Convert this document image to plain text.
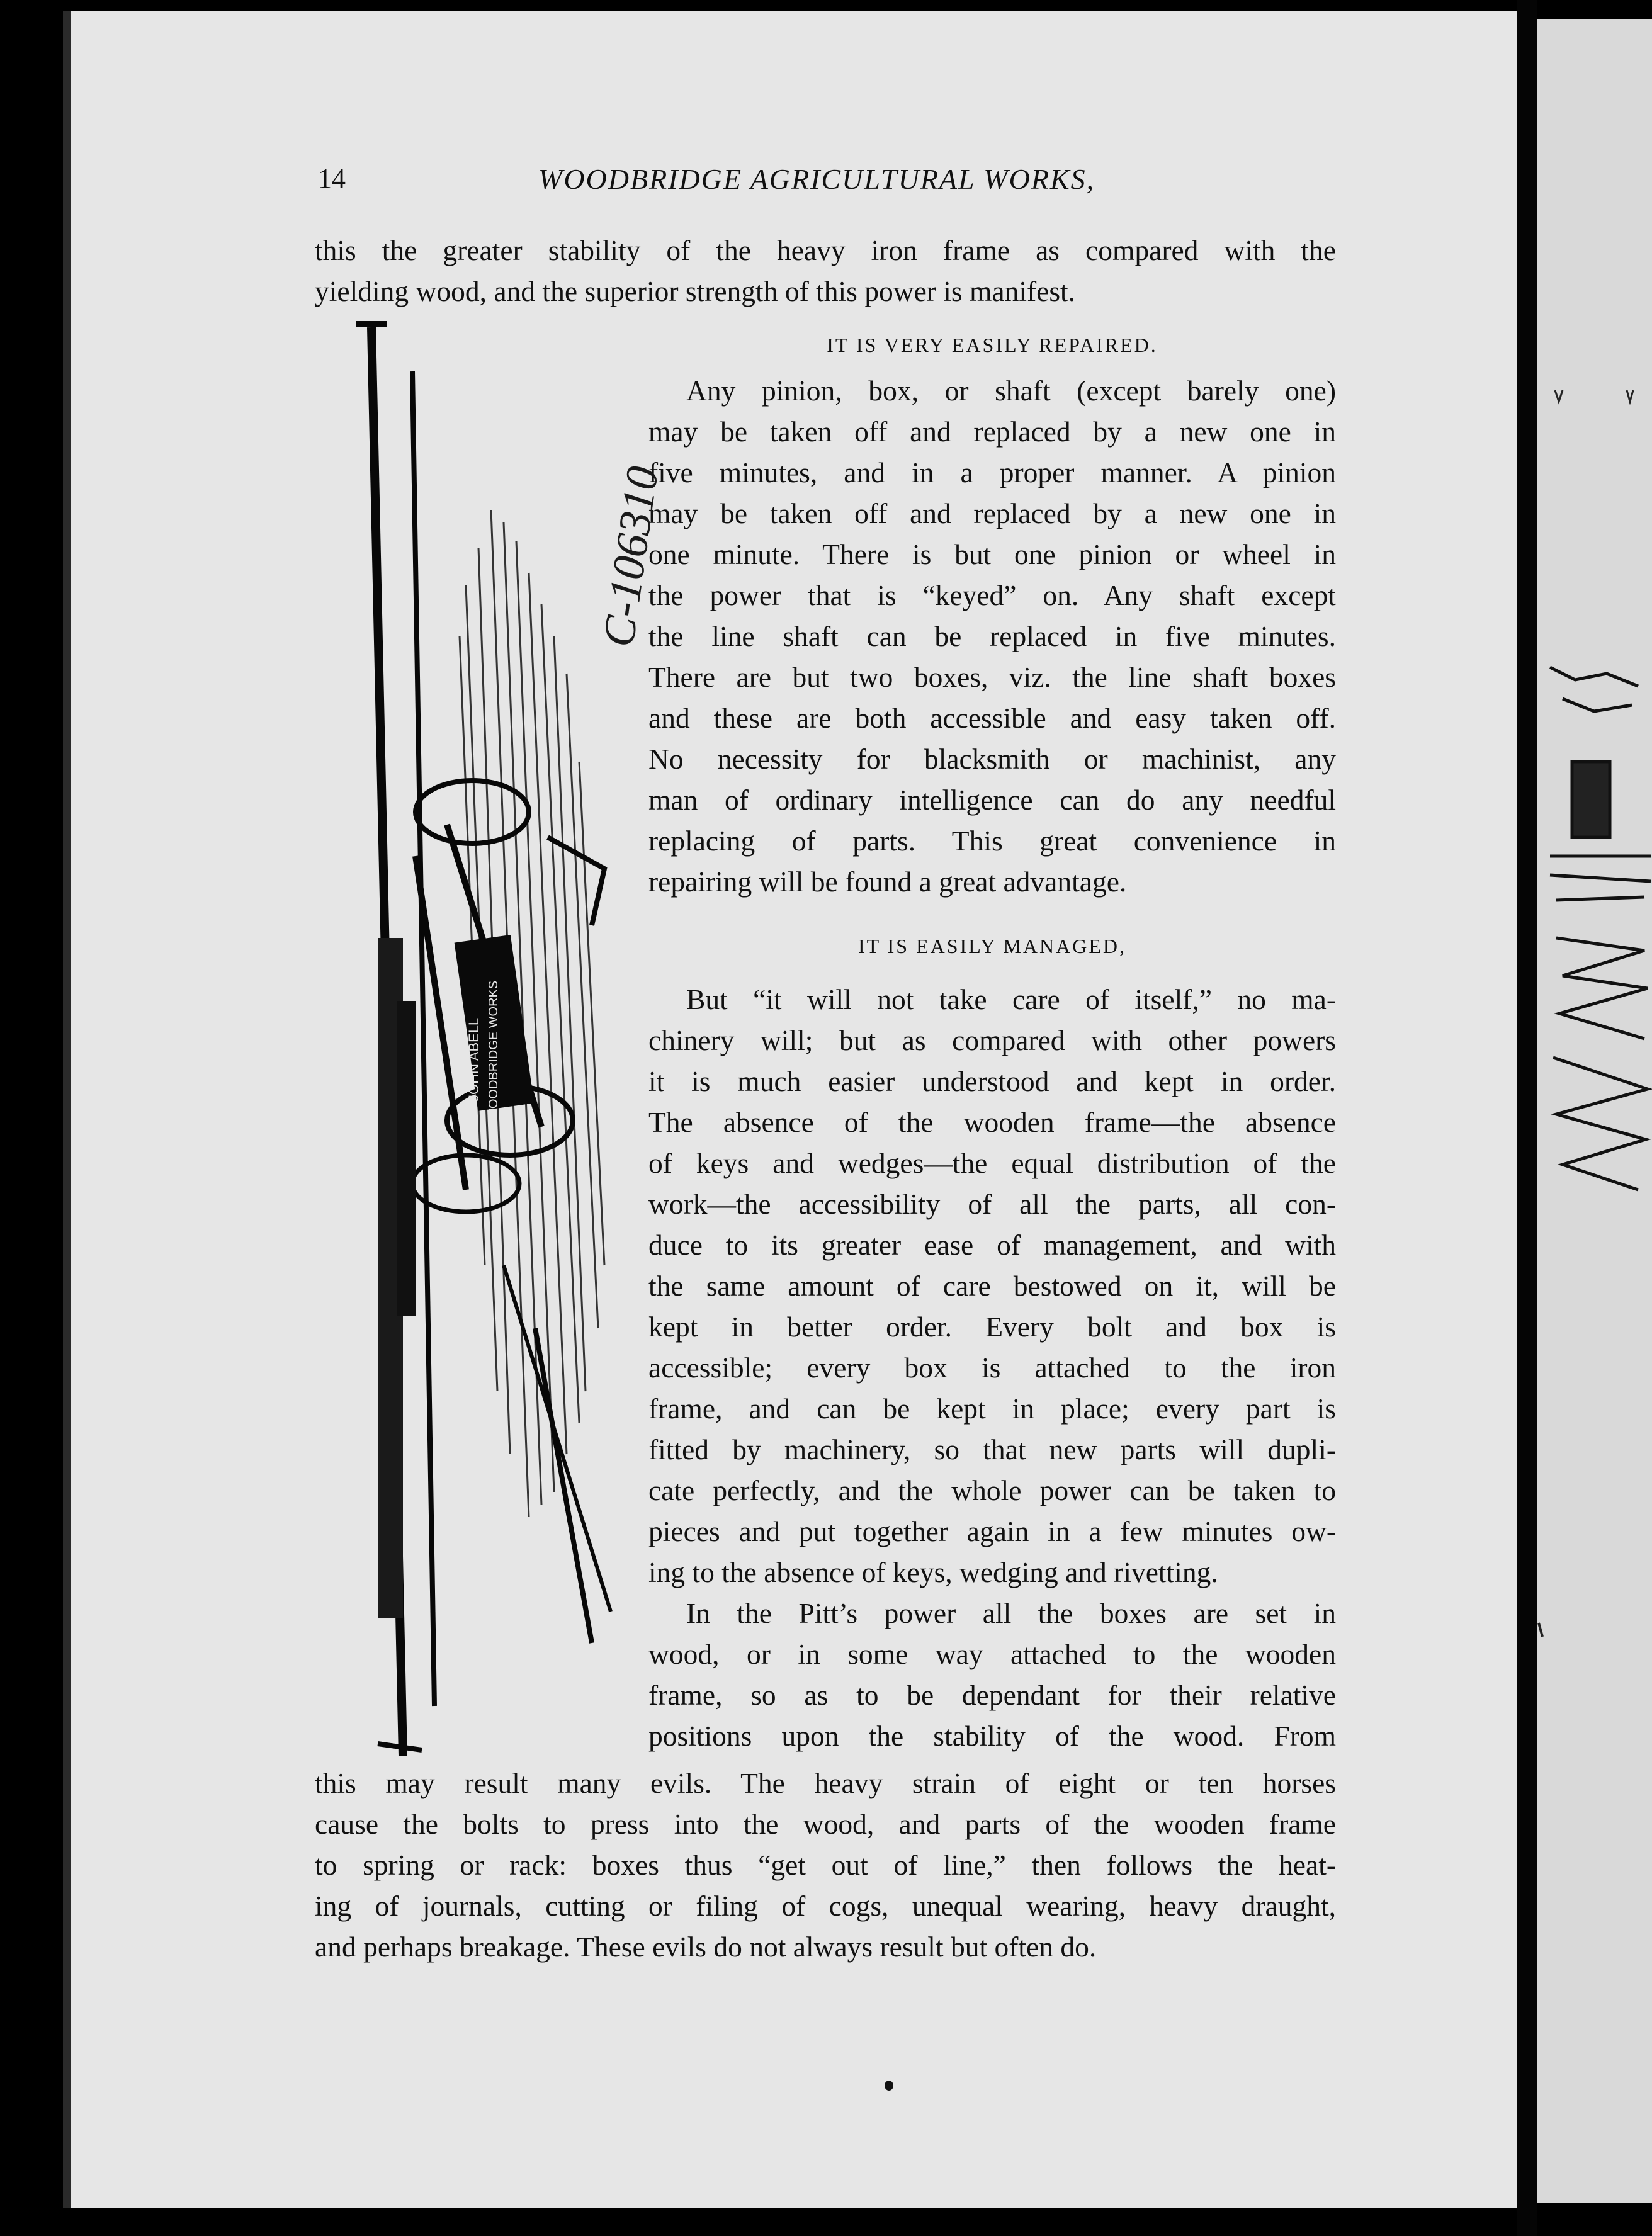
14	WOODBRIDGE AGRICULTURAL WORKS,
this the greater stability of the heavy iron frame as compared with the
yielding wood, and the superior strength of this power is manifest.
IT IS VERY EASILY REPAIRED.
Any pinion, box, or shaft (except barely one)
may be taken off and replaced by a new one in
five minutes, and in a proper manner. A pinion
may be taken off and replaced by a new one in
one minute. There is but one pinion or wheel in
the power that is “keyed” on. Any shaft except
the line shaft can be replaced in five minutes.
There are but two boxes, viz. the line shaft boxes
and these are both accessible and easy taken off.
No necessity for blacksmith or machinist, any
man of ordinary intelligence can do any needful
replacing of parts. This great convenience in
repairing will be found a great advantage.
IT IS EASILY MANAGED,
But “it will not take care of itself,” no ma-
chinery will; but as compared with other powers
it is much easier understood and kept in order.
The absence of the wooden frame—the absence
of keys and wedges—the equal distribution of the
work—the accessibility of all the parts, all con-
duce to its greater ease of management, and with
the same amount of care bestowed on it, will be
kept in better order. Every bolt and box is
accessible; every box is attached to the iron
frame, and can be kept in place; every part is
fitted by machinery, so that new parts will dupli-
cate perfectly, and the whole power can be taken to
pieces and put together again in a few minutes ow-
ing to the absence of keys, wedging and rivetting.
In the Pitt’s power all the boxes are set in
wood, or in some way attached to the wooden
frame, so as to be dependant for their relative
positions upon the stability of the wood. From
this may result many evils. The heavy strain of eight or ten horses
cause the bolts to press into the wood, and parts of the wooden frame
to spring or rack: boxes thus “get out of line,” then follows the heat-
ing of journals, cutting or filing of cogs, unequal wearing, heavy draught,
and perhaps breakage. These evils do not always result but often do.
JOHN ABELL WOODBRIDGE WORKS
C-106310
